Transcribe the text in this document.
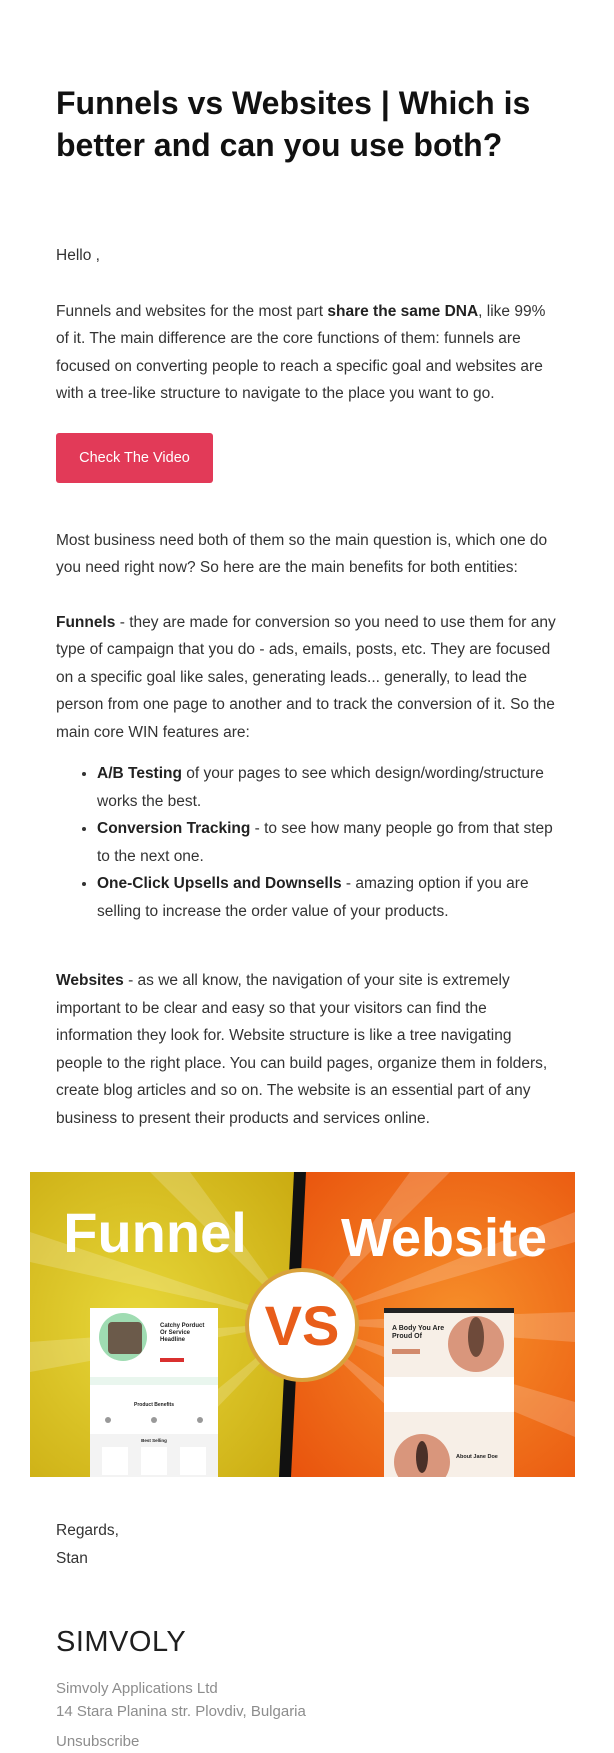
Funnels vs Websites | Which is better and can you use both?

Hello ,

Funnels and websites for the most part share the same DNA, like 99% of it. The main difference are the core functions of them: funnels are focused on converting people to reach a specific goal and websites are with a tree-like structure to navigate to the place you want to go.

Check The Video

Most business need both of them so the main question is, which one do you need right now? So here are the main benefits for both entities:

Funnels - they are made for conversion so you need to use them for any type of campaign that you do - ads, emails, posts, etc. They are focused on a specific goal like sales, generating leads... generally, to lead the person from one page to another and to track the conversion of it. So the main core WIN features are:

• A/B Testing of your pages to see which design/wording/structure works the best.
• Conversion Tracking - to see how many people go from that step to the next one.
• One-Click Upsells and Downsells - amazing option if you are selling to increase the order value of your products.

Websites - as we all know, the navigation of your site is extremely important to be clear and easy so that your visitors can find the information they look for. Website structure is like a tree navigating people to the right place. You can build pages, organize them in folders, create blog articles and so on. The website is an essential part of any business to present their products and services online.

Funnel Website
Catchy Porduct Or Service Headline
Product Benefits
Best Selling
A Body You Are Proud Of
About Jane Doe
VS

Regards,

Stan

SIMVOLY
Simvoly Applications Ltd
14 Stara Planina str. Plovdiv, Bulgaria
Unsubscribe
